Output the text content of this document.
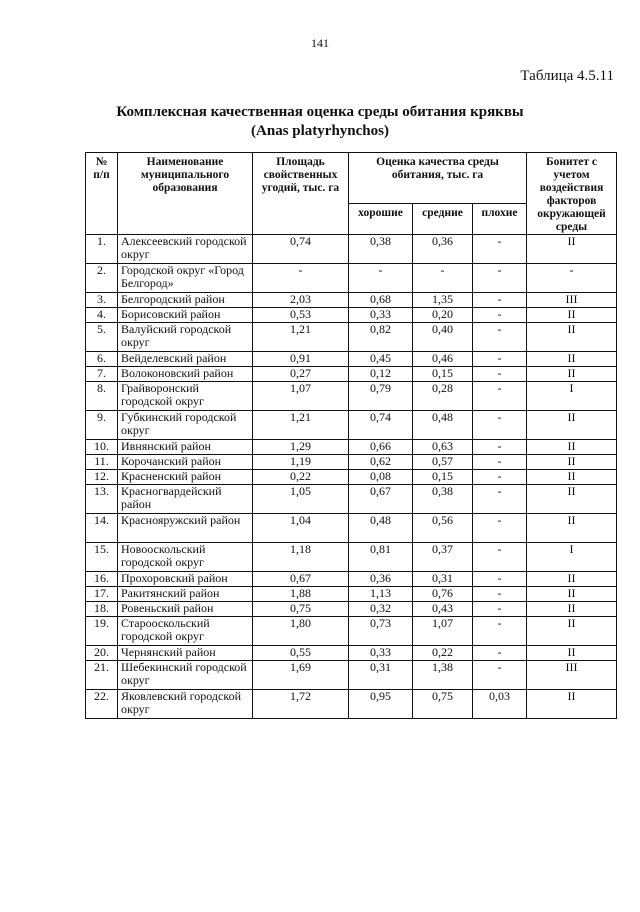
141
Таблица 4.5.11
Комплексная качественная оценка среды обитания кряквы
(Anas platyrhynchos)
№ п/п	Наименование муниципального образования	Площадь свойственных угодий, тыс. га	Оценка качества среды обитания, тыс. га			Бонитет с учетом воздействия факторов окружающей среды
			хорошие	средние	плохие	
1.	Алексеевский городской округ	0,74	0,38	0,36	-	II
2.	Городской округ «Город Белгород»	-	-	-	-	-
3.	Белгородский район	2,03	0,68	1,35	-	III
4.	Борисовский район	0,53	0,33	0,20	-	II
5.	Валуйский городской округ	1,21	0,82	0,40	-	II
6.	Вейделевский район	0,91	0,45	0,46	-	II
7.	Волоконовский район	0,27	0,12	0,15	-	II
8.	Грайворонский городской округ	1,07	0,79	0,28	-	I
9.	Губкинский городской округ	1,21	0,74	0,48	-	II
10.	Ивнянский район	1,29	0,66	0,63	-	II
11.	Корочанский район	1,19	0,62	0,57	-	II
12.	Красненский район	0,22	0,08	0,15	-	II
13.	Красногвардейский район	1,05	0,67	0,38	-	II
14.	Краснояружский район	1,04	0,48	0,56	-	II
15.	Новооскольский городской округ	1,18	0,81	0,37	-	I
16.	Прохоровский район	0,67	0,36	0,31	-	II
17.	Ракитянский район	1,88	1,13	0,76	-	II
18.	Ровеньский район	0,75	0,32	0,43	-	II
19.	Старооскольский городской округ	1,80	0,73	1,07	-	II
20.	Чернянский район	0,55	0,33	0,22	-	II
21.	Шебекинский городской округ	1,69	0,31	1,38	-	III
22.	Яковлевский городской округ	1,72	0,95	0,75	0,03	II
